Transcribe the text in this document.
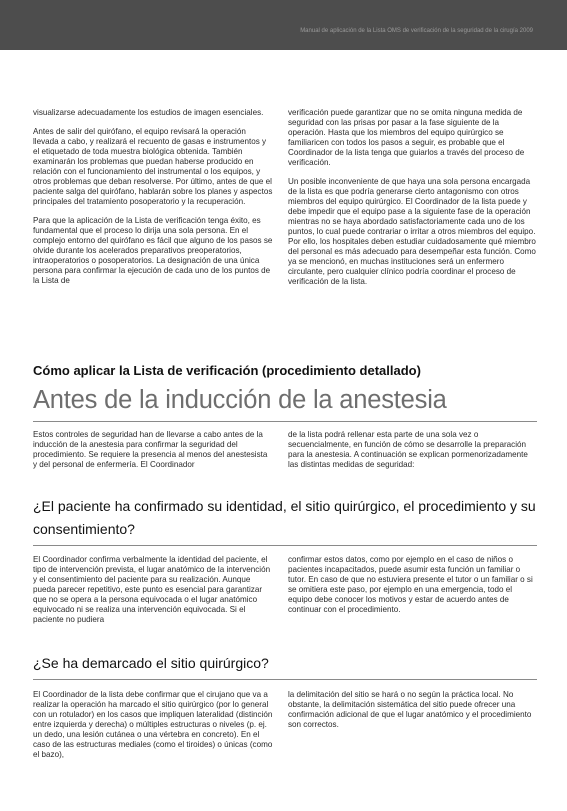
Manual de aplicación de la Lista OMS de verificación de la seguridad de la cirugía 2009

visualizarse adecuadamente los estudios de imagen esenciales.

Antes de salir del quirófano, el equipo revisará la operación llevada a cabo, y realizará el recuento de gasas e instrumentos y el etiquetado de toda muestra biológica obtenida. También examinarán los problemas que puedan haberse producido en relación con el funcionamiento del instrumental o los equipos, y otros problemas que deban resolverse. Por último, antes de que el paciente salga del quirófano, hablarán sobre los planes y aspectos principales del tratamiento posoperatorio y la recuperación.

Para que la aplicación de la Lista de verificación tenga éxito, es fundamental que el proceso lo dirija una sola persona. En el complejo entorno del quirófano es fácil que alguno de los pasos se olvide durante los acelerados preparativos preoperatorios, intraoperatorios o posoperatorios. La designación de una única persona para confirmar la ejecución de cada uno de los puntos de la Lista de

verificación puede garantizar que no se omita ninguna medida de seguridad con las prisas por pasar a la fase siguiente de la operación. Hasta que los miembros del equipo quirúrgico se familiaricen con todos los pasos a seguir, es probable que el Coordinador de la lista tenga que guiarlos a través del proceso de verificación.

Un posible inconveniente de que haya una sola persona encargada de la lista es que podría generarse cierto antagonismo con otros miembros del equipo quirúrgico. El Coordinador de la lista puede y debe impedir que el equipo pase a la siguiente fase de la operación mientras no se haya abordado satisfactoriamente cada uno de los puntos, lo cual puede contrariar o irritar a otros miembros del equipo. Por ello, los hospitales deben estudiar cuidadosamente qué miembro del personal es más adecuado para desempeñar esta función. Como ya se mencionó, en muchas instituciones será un enfermero circulante, pero cualquier clínico podría coordinar el proceso de verificación de la lista.

Cómo aplicar la Lista de verificación (procedimiento detallado)
Antes de la inducción de la anestesia

Estos controles de seguridad han de llevarse a cabo antes de la inducción de la anestesia para confirmar la seguridad del procedimiento. Se requiere la presencia al menos del anestesista y del personal de enfermería. El Coordinador

de la lista podrá rellenar esta parte de una sola vez o secuencialmente, en función de cómo se desarrolle la preparación para la anestesia. A continuación se explican pormenorizadamente las distintas medidas de seguridad:

¿El paciente ha confirmado su identidad, el sitio quirúrgico, el procedimiento y su consentimiento?

El Coordinador confirma verbalmente la identidad del paciente, el tipo de intervención prevista, el lugar anatómico de la intervención y el consentimiento del paciente para su realización. Aunque pueda parecer repetitivo, este punto es esencial para garantizar que no se opera a la persona equivocada o el lugar anatómico equivocado ni se realiza una intervención equivocada. Si el paciente no pudiera

confirmar estos datos, como por ejemplo en el caso de niños o pacientes incapacitados, puede asumir esta función un familiar o tutor. En caso de que no estuviera presente el tutor o un familiar o si se omitiera este paso, por ejemplo en una emergencia, todo el equipo debe conocer los motivos y estar de acuerdo antes de continuar con el procedimiento.

¿Se ha demarcado el sitio quirúrgico?

El Coordinador de la lista debe confirmar que el cirujano que va a realizar la operación ha marcado el sitio quirúrgico (por lo general con un rotulador) en los casos que impliquen lateralidad (distinción entre izquierda y derecha) o múltiples estructuras o niveles (p. ej. un dedo, una lesión cutánea o una vértebra en concreto). En el caso de las estructuras mediales (como el tiroides) o únicas (como el bazo),

la delimitación del sitio se hará o no según la práctica local. No obstante, la delimitación sistemática del sitio puede ofrecer una confirmación adicional de que el lugar anatómico y el procedimiento son correctos.
